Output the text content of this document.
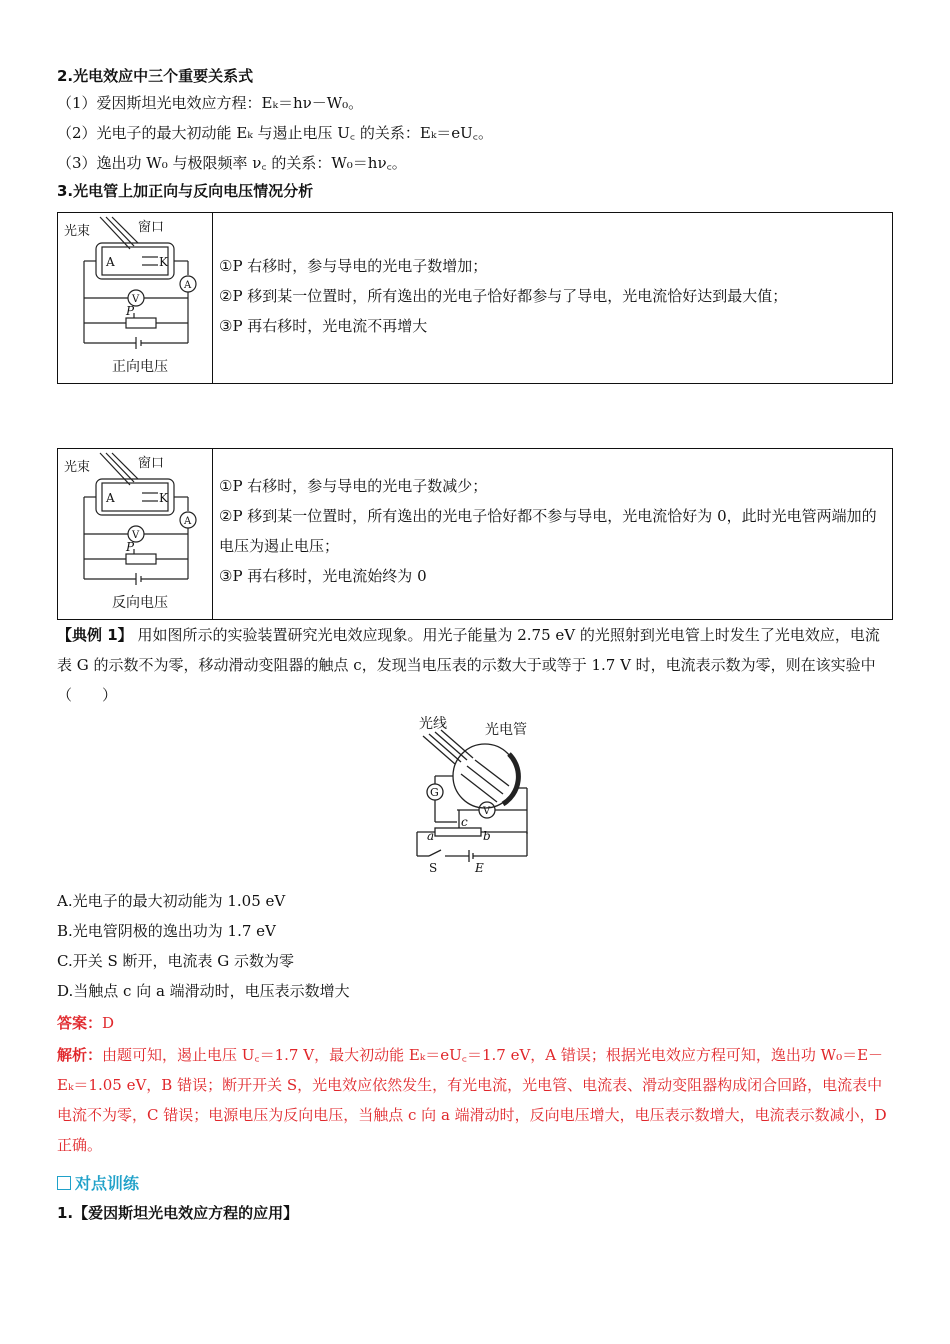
2.光电效应中三个重要关系式

（1）爱因斯坦光电效应方程：Eₖ＝hν－W₀。

（2）光电子的最大初动能 Eₖ 与遏止电压 U꜀ 的关系：Eₖ＝eU꜀。

（3）逸出功 W₀ 与极限频率 ν꜀ 的关系：W₀＝hν꜀。

3.光电管上加正向与反向电压情况分析

光束	窗口
A	K
A
V
P
正向电压
①P 右移时，参与导电的光电子数增加；
②P 移到某一位置时，所有逸出的光电子恰好都参与了导电，光电流恰好达到最大值；
③P 再右移时，光电流不再增大
光束	窗口
A	K
A
V
P
反向电压
①P 右移时，参与导电的光电子数减少；
②P 移到某一位置时，所有逸出的光电子恰好都不参与导电，光电流恰好为 0，此时光电管两端加的电压为遏止电压；
③P 再右移时，光电流始终为 0
【典例 1】 用如图所示的实验装置研究光电效应现象。用光子能量为 2.75 eV 的光照射到光电管上时发生了光电效应，电流表 G 的示数不为零，移动滑动变阻器的触点 c，发现当电压表的示数大于或等于 1.7 V 时，电流表示数为零，则在该实验中（　　）
光线	光电管
G
V
a	b
c
S	E
A.光电子的最大初动能为 1.05 eV
B.光电管阴极的逸出功为 1.7 eV
C.开关 S 断开，电流表 G 示数为零
D.当触点 c 向 a 端滑动时，电压表示数增大
答案：D
解析：由题可知，遏止电压 U꜀＝1.7 V，最大初动能 Eₖ＝eU꜀＝1.7 eV，A 错误；根据光电效应方程可知，逸出功 W₀＝E－Eₖ＝1.05 eV，B 错误；断开开关 S，光电效应依然发生，有光电流，光电管、电流表、滑动变阻器构成闭合回路，电流表中电流不为零，C 错误；电源电压为反向电压，当触点 c 向 a 端滑动时，反向电压增大，电压表示数增大，电流表示数减小，D 正确。
对点训练

1.【爱因斯坦光电效应方程的应用】
